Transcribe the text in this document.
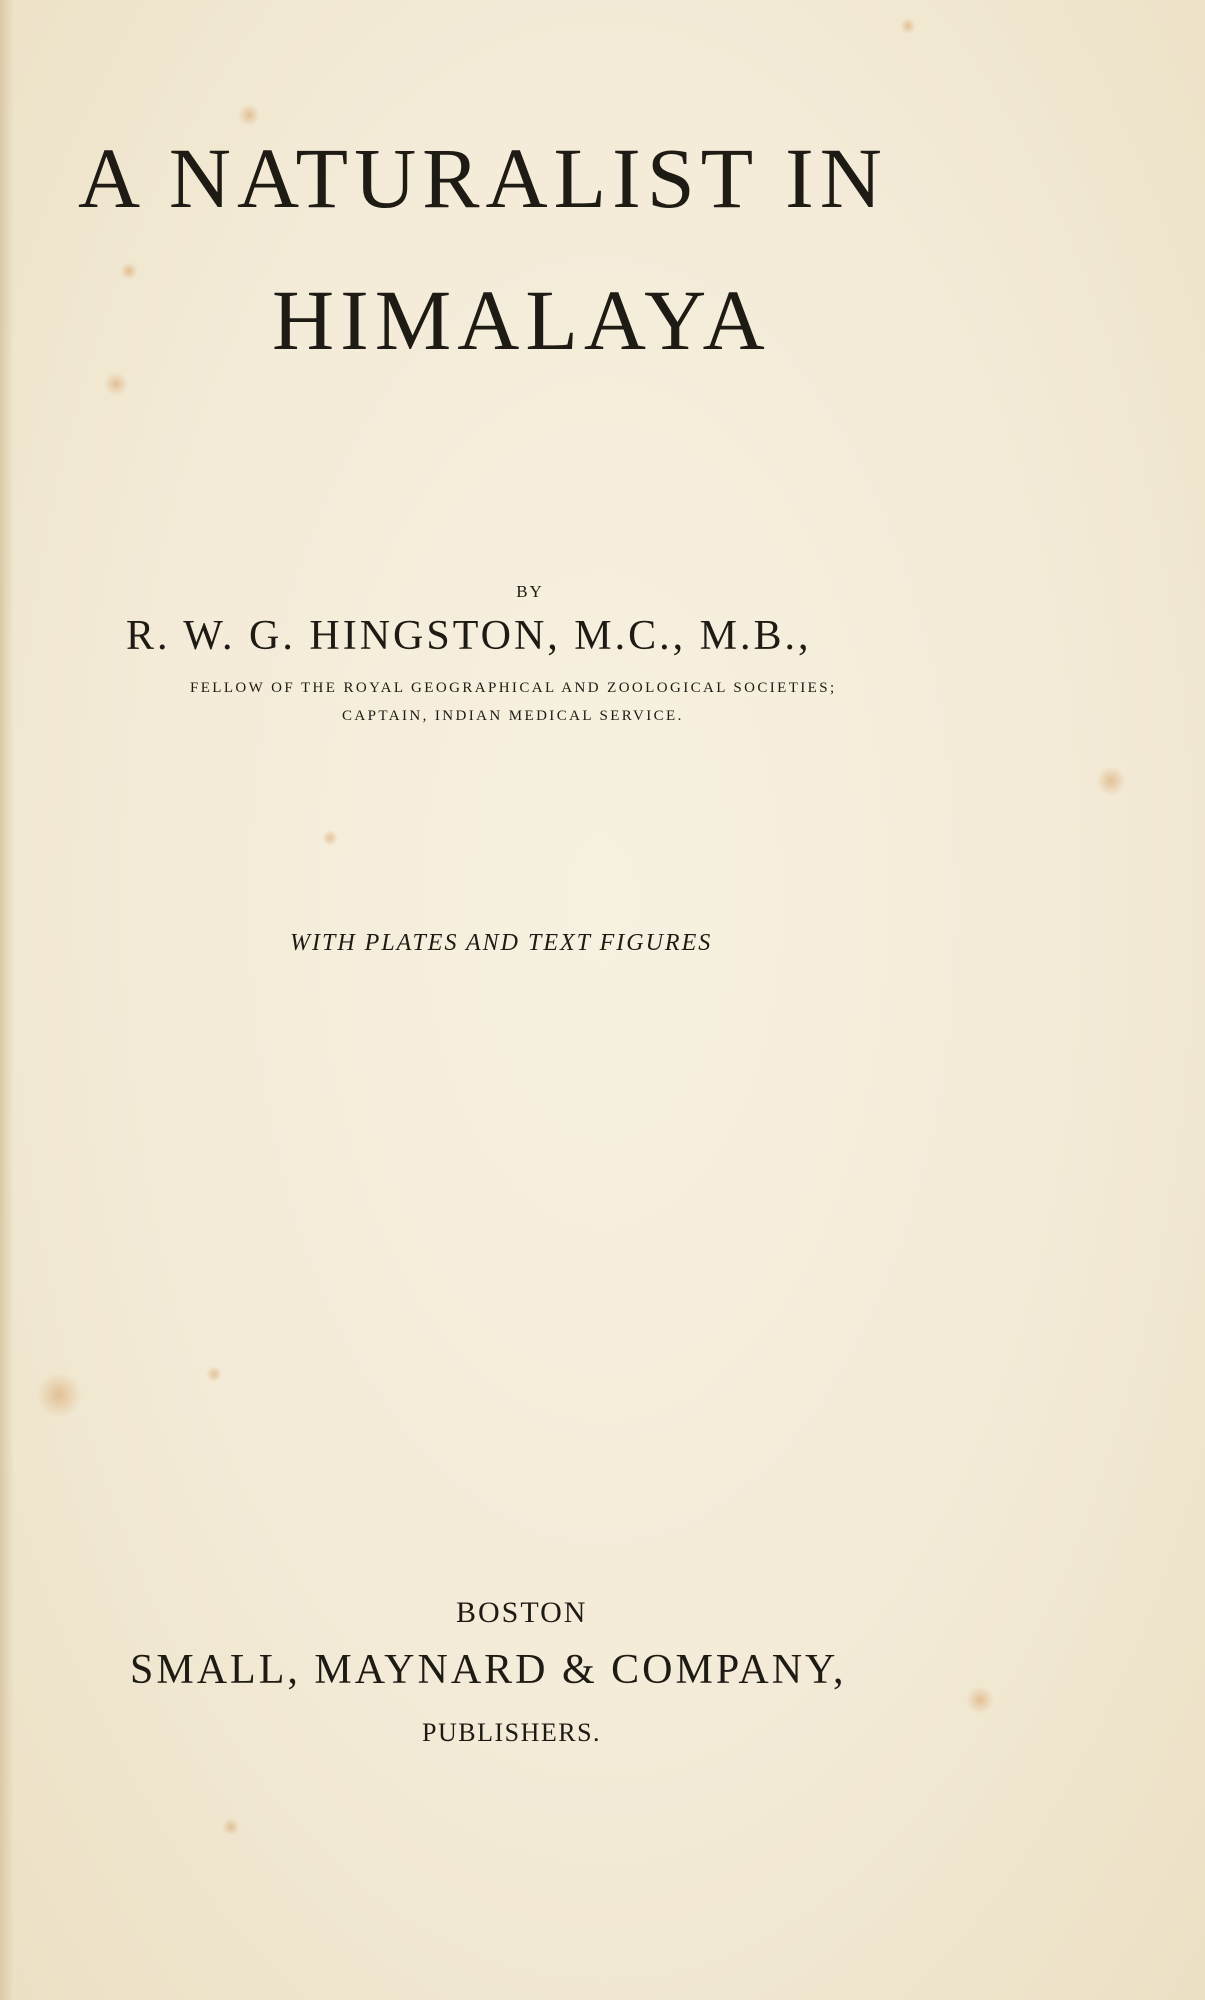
A NATURALIST IN
HIMALAYA
BY
R. W. G. HINGSTON, M.C., M.B.,
FELLOW OF THE ROYAL GEOGRAPHICAL AND ZOOLOGICAL SOCIETIES;
CAPTAIN, INDIAN MEDICAL SERVICE.
WITH PLATES AND TEXT FIGURES
BOSTON
SMALL, MAYNARD & COMPANY,
PUBLISHERS.
